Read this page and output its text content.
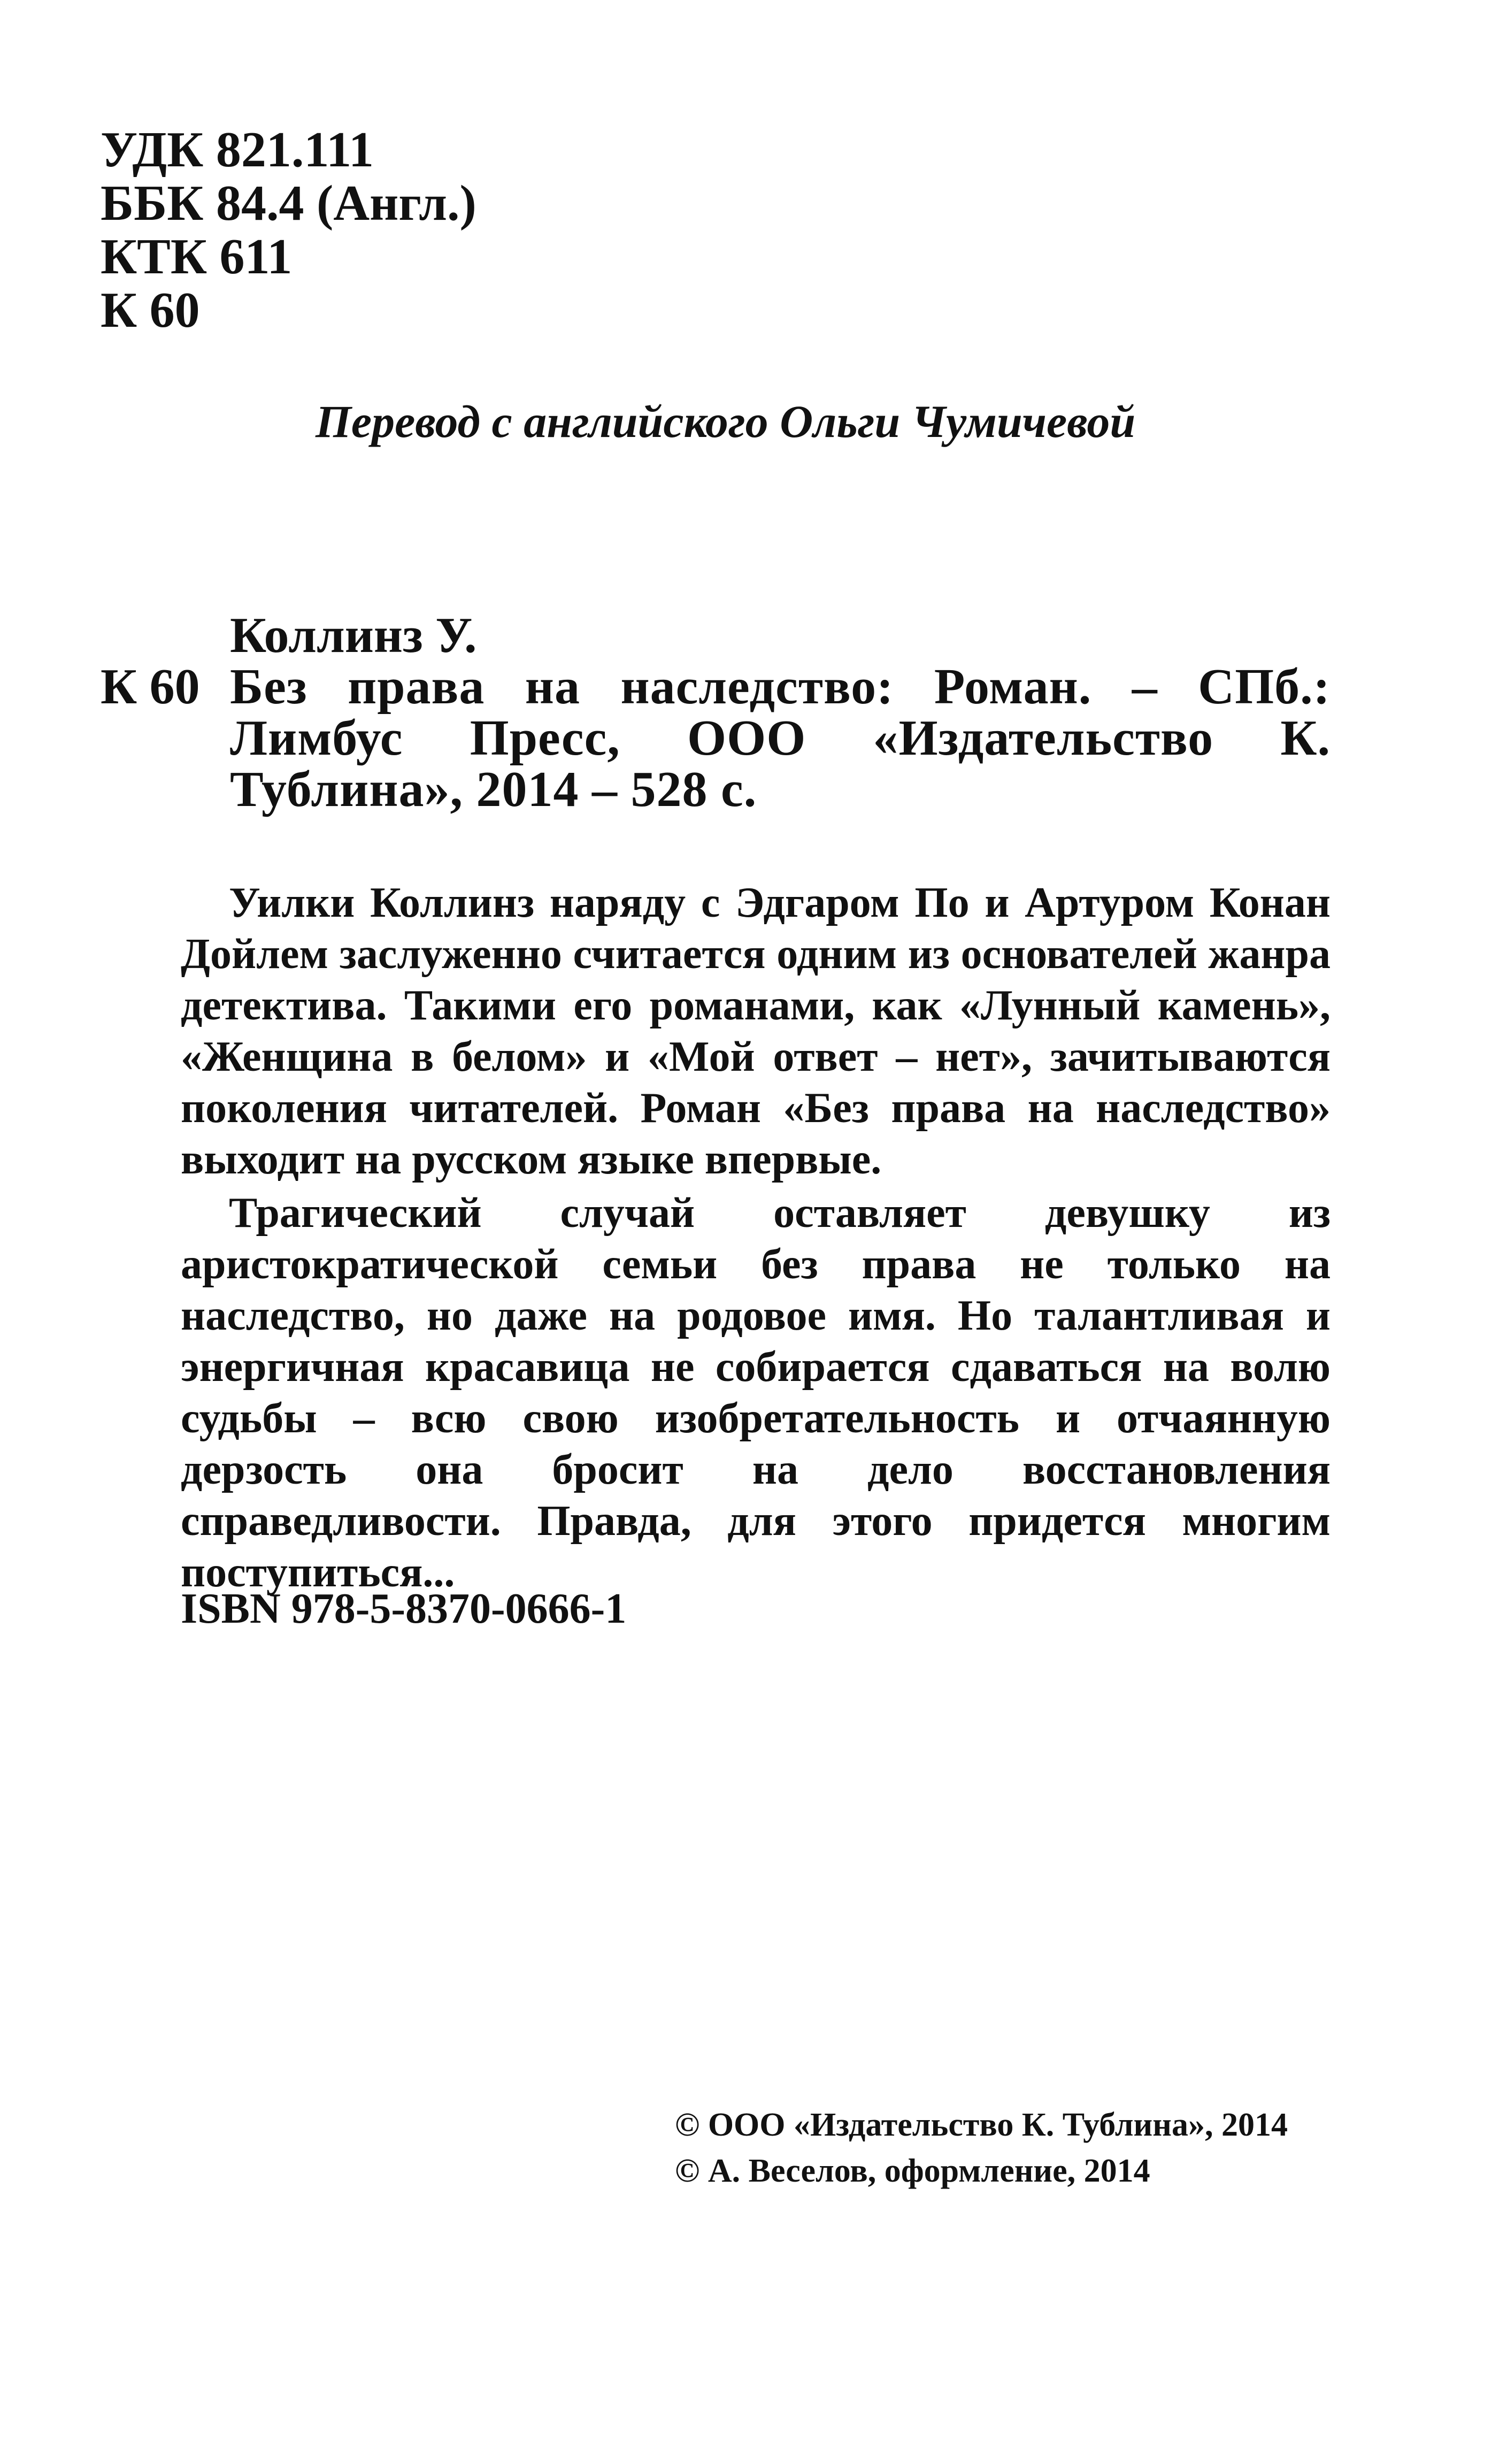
УДК 821.111
ББК 84.4 (Англ.)
КТК 611
К 60
Перевод с английского Ольги Чумичевой
Коллинз У.
К 60 Без права на наследство: Роман. – СПб.: Лимбус Пресс, ООО «Издательство К. Тублина», 2014 – 528 с.

Уилки Коллинз наряду с Эдгаром По и Артуром Конан Дойлем заслуженно считается одним из основателей жанра детектива. Такими его романами, как «Лунный камень», «Женщина в белом» и «Мой ответ – нет», зачитываются поколения читателей. Роман «Без права на наследство» выходит на русском языке впервые.

Трагический случай оставляет девушку из аристократической семьи без права не только на наследство, но даже на родовое имя. Но талантливая и энергичная красавица не собирается сдаваться на волю судьбы – всю свою изобретательность и отчаянную дерзость она бросит на дело восстановления справедливости. Правда, для этого придется многим поступиться...

ISBN 978-5-8370-0666-1
© ООО «Издательство К. Тублина», 2014
© А. Веселов, оформление, 2014
